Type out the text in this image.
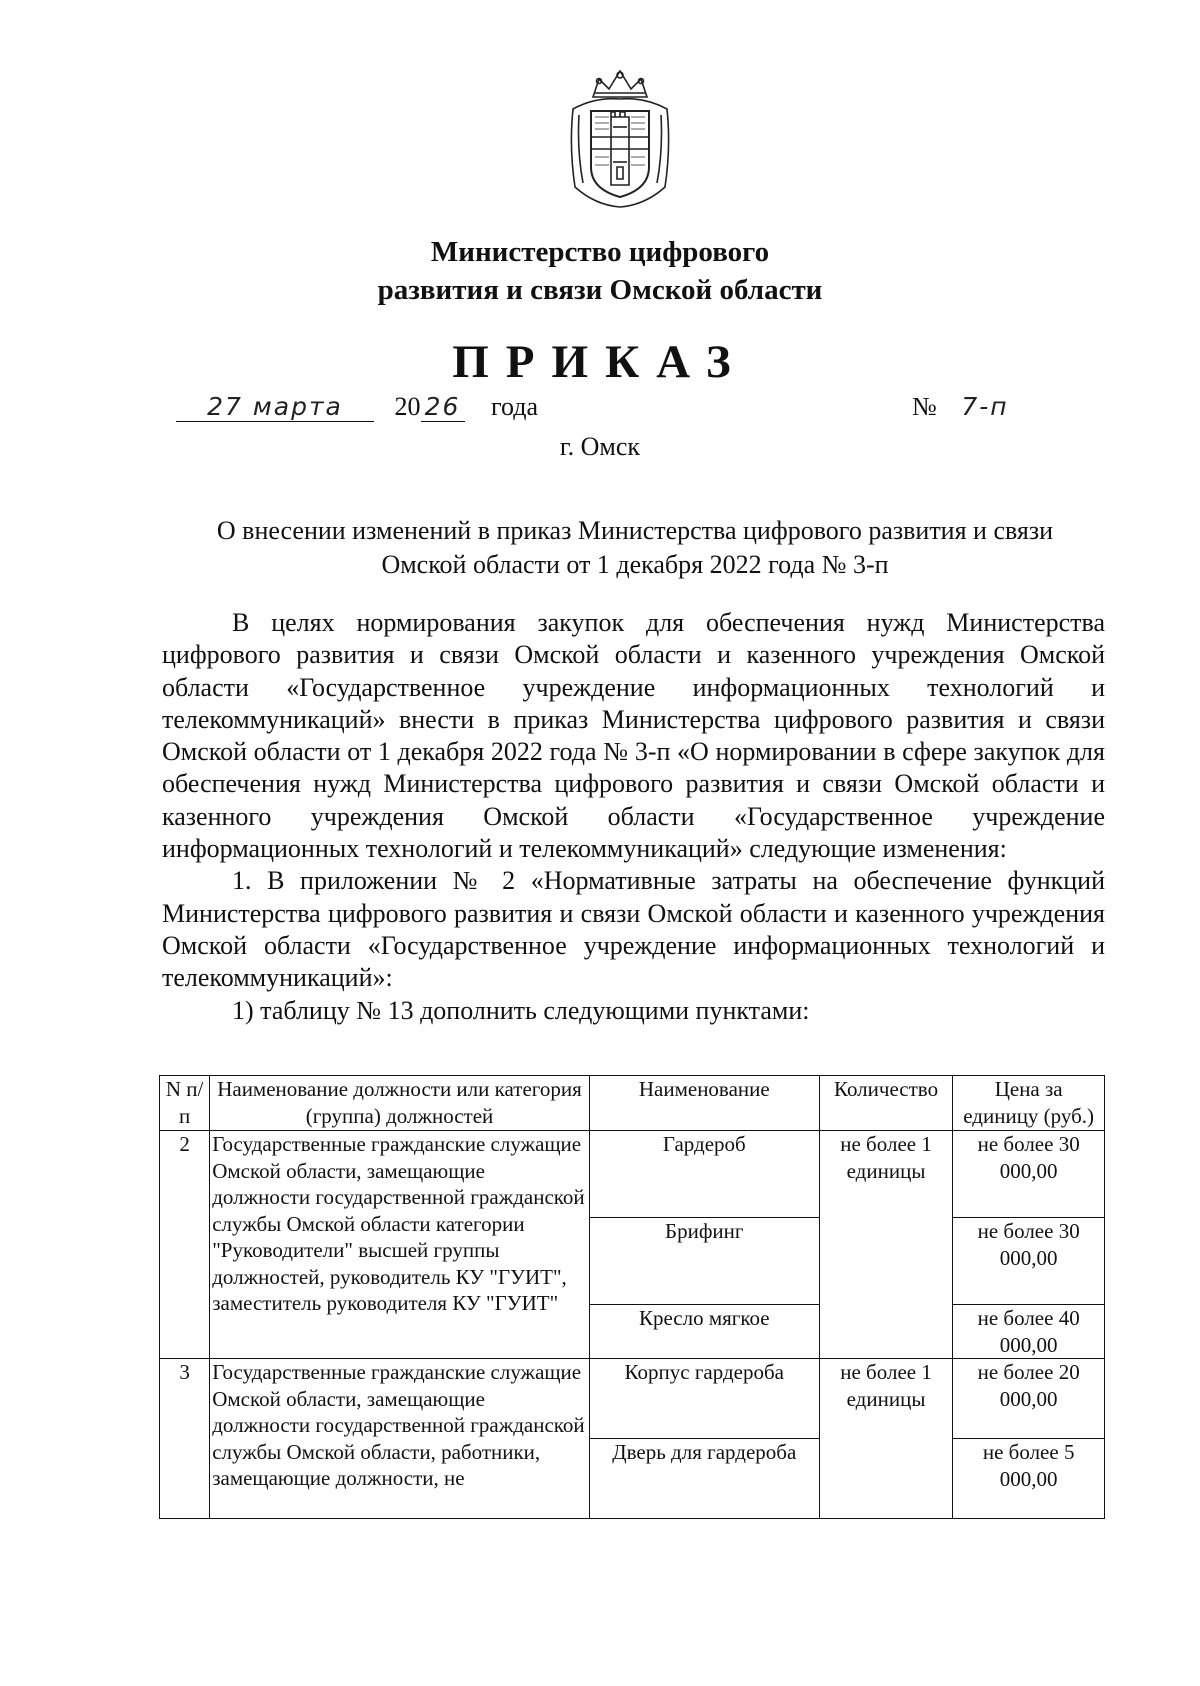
Министерство цифрового
развития и связи Омской области
ПРИКАЗ
27 марта 20 26 года	№ 7-п
г. Омск
О внесении изменений в приказ Министерства цифрового развития и связи
Омской области от 1 декабря 2022 года № 3-п

В целях нормирования закупок для обеспечения нужд Министерства цифрового развития и связи Омской области и казенного учреждения Омской области «Государственное учреждение информационных технологий и телекоммуникаций» внести в приказ Министерства цифрового развития и связи Омской области от 1 декабря 2022 года № 3-п «О нормировании в сфере закупок для обеспечения нужд Министерства цифрового развития и связи Омской области и казенного учреждения Омской области «Государственное учреждение информационных технологий и телекоммуникаций» следующие изменения:

1. В приложении № 2 «Нормативные затраты на обеспечение функций Министерства цифрового развития и связи Омской области и казенного учреждения Омской области «Государственное учреждение информационных технологий и телекоммуникаций»:

1) таблицу № 13 дополнить следующими пунктами:

N п/п	Наименование должности или категория (группа) должностей	Наименование	Количество	Цена за единицу (руб.)
2	Государственные гражданские служащие Омской области, замещающие должности государственной гражданской службы Омской области категории "Руководители" высшей группы должностей, руководитель КУ "ГУИТ", заместитель руководителя КУ "ГУИТ"	Гардероб	не более 1 единицы	не более 30 000,00
		Брифинг		не более 30 000,00
		Кресло мягкое		не более 40 000,00
3	Государственные гражданские служащие Омской области, замещающие должности государственной гражданской службы Омской области, работники, замещающие должности, не	Корпус гардероба	не более 1 единицы	не более 20 000,00
		Дверь для гардероба		не более 5 000,00
